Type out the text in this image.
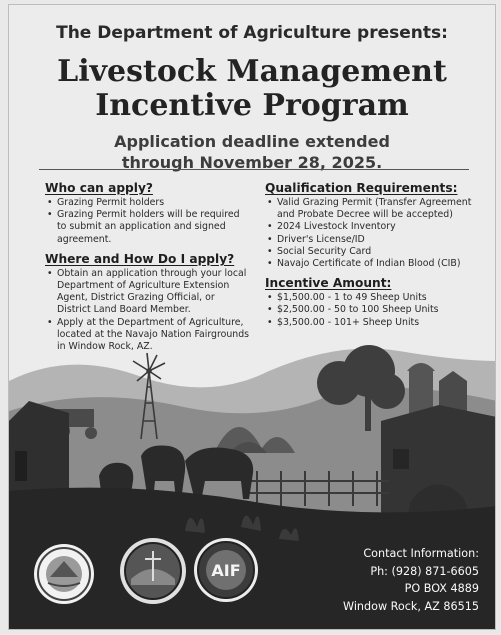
The Department of Agriculture presents:
Livestock Management
Incentive Program
Application deadline extended
through November 28, 2025.
Who can apply?
• Grazing Permit holders
• Grazing Permit holders will be required to submit an application and signed agreement.
Where and How Do I apply?
• Obtain an application through your local Department of Agriculture Extension Agent, District Grazing Official, or District Land Board Member.
• Apply at the Department of Agriculture, located at the Navajo Nation Fairgrounds in Window Rock, AZ.
Qualification Requirements:
• Valid Grazing Permit (Transfer Agreement and Probate Decree will be accepted)
• 2024 Livestock Inventory
• Driver's License/ID
• Social Security Card
• Navajo Certificate of Indian Blood (CIB)
Incentive Amount:
• $1,500.00 - 1 to 49 Sheep Units
• $2,500.00 - 50 to 100 Sheep Units
• $3,500.00 - 101+ Sheep Units
AIF
Contact Information:
Ph: (928) 871-6605
PO BOX 4889
Window Rock, AZ 86515
